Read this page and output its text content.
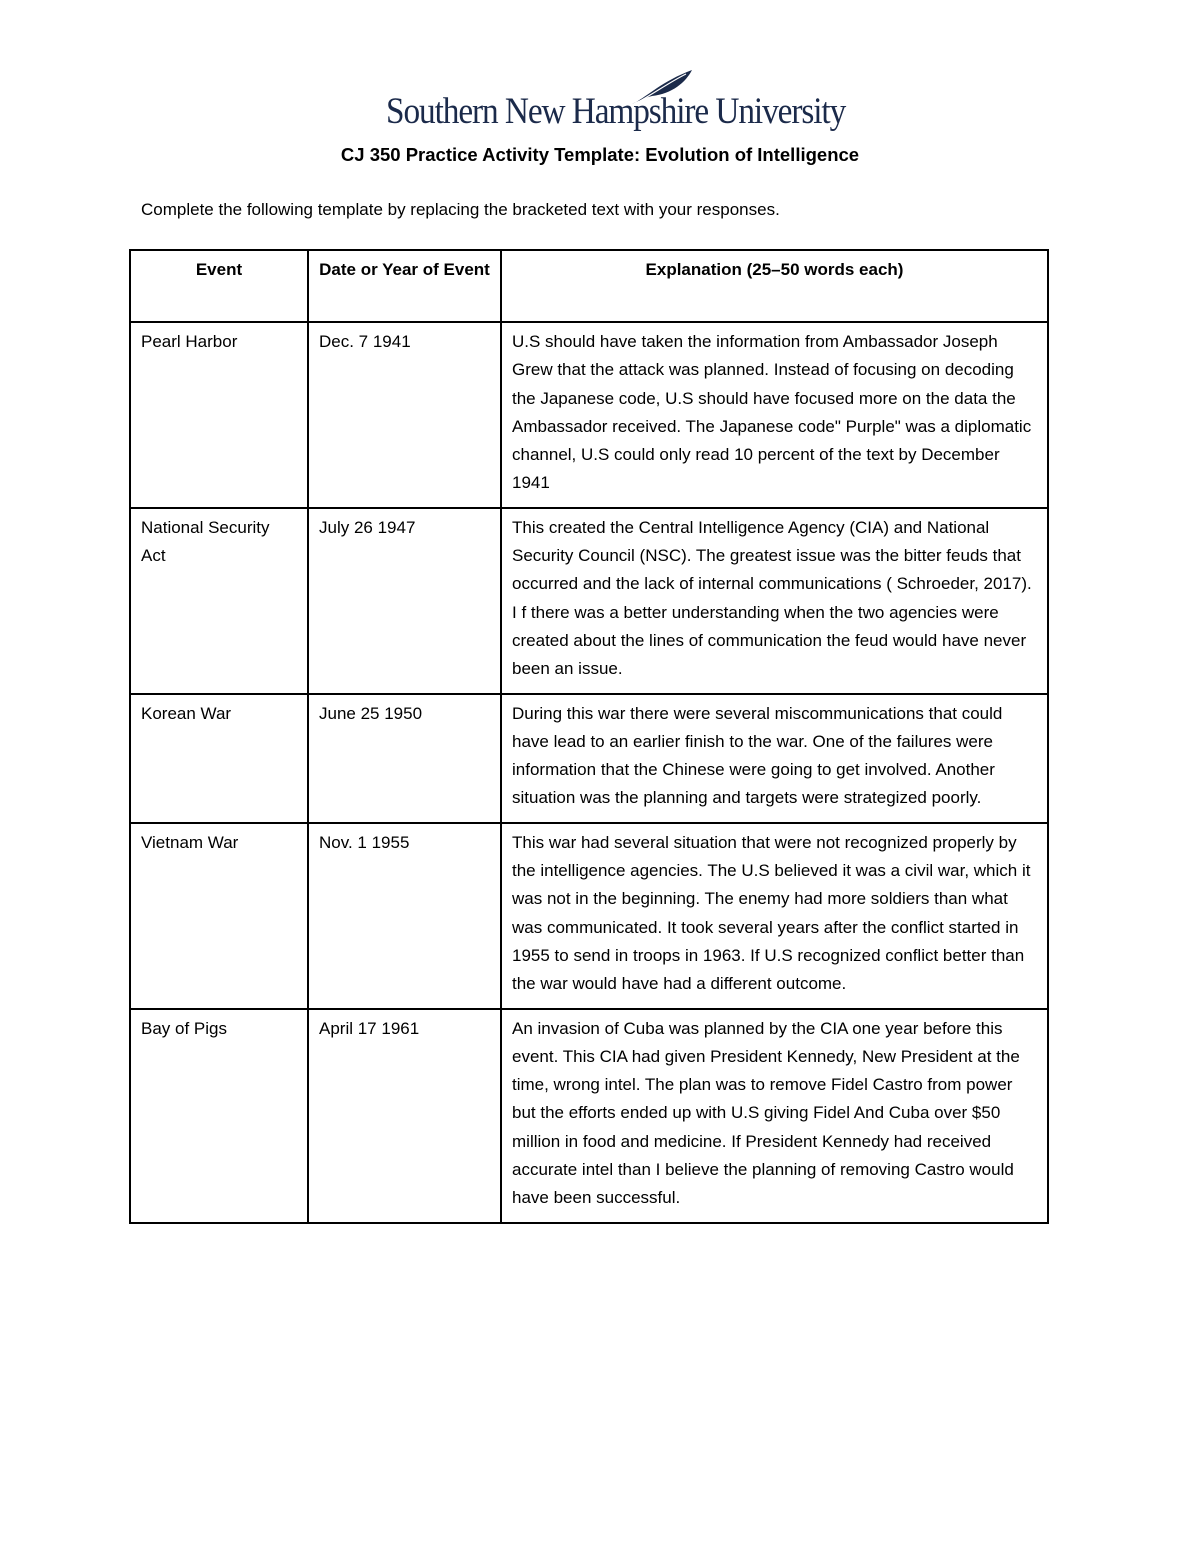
Southern New Hampshire University
CJ 350 Practice Activity Template: Evolution of Intelligence
Complete the following template by replacing the bracketed text with your responses.
Event	Date or Year of Event	Explanation (25–50 words each)
Pearl Harbor	Dec. 7 1941	U.S should have taken the information from Ambassador Joseph Grew that the attack was planned. Instead of focusing on decoding the Japanese code, U.S should have focused more on the data the Ambassador received. The Japanese code" Purple" was a diplomatic channel, U.S could only read 10 percent of the text by December 1941
National Security Act	July 26 1947	This created the Central Intelligence Agency (CIA) and National Security Council (NSC). The greatest issue was the bitter feuds that occurred and the lack of internal communications ( Schroeder, 2017). I f there was a better understanding when the two agencies were created about the lines of communication the feud would have never been an issue.
Korean War	June 25 1950	During this war there were several miscommunications that could have lead to an earlier finish to the war. One of the failures were information that the Chinese were going to get involved. Another situation was the planning and targets were strategized poorly.
Vietnam War	Nov. 1 1955	This war had several situation that were not recognized properly by the intelligence agencies. The U.S believed it was a civil war, which it was not in the beginning. The enemy had more soldiers than what was communicated. It took several years after the conflict started in 1955 to send in troops in 1963. If U.S recognized conflict better than the war would have had a different outcome.
Bay of Pigs	April 17 1961	An invasion of Cuba was planned by the CIA one year before this event. This CIA had given President Kennedy, New President at the time, wrong intel. The plan was to remove Fidel Castro from power but the efforts ended up with U.S giving Fidel And Cuba over $50 million in food and medicine. If President Kennedy had received accurate intel than I believe the planning of removing Castro would have been successful.
